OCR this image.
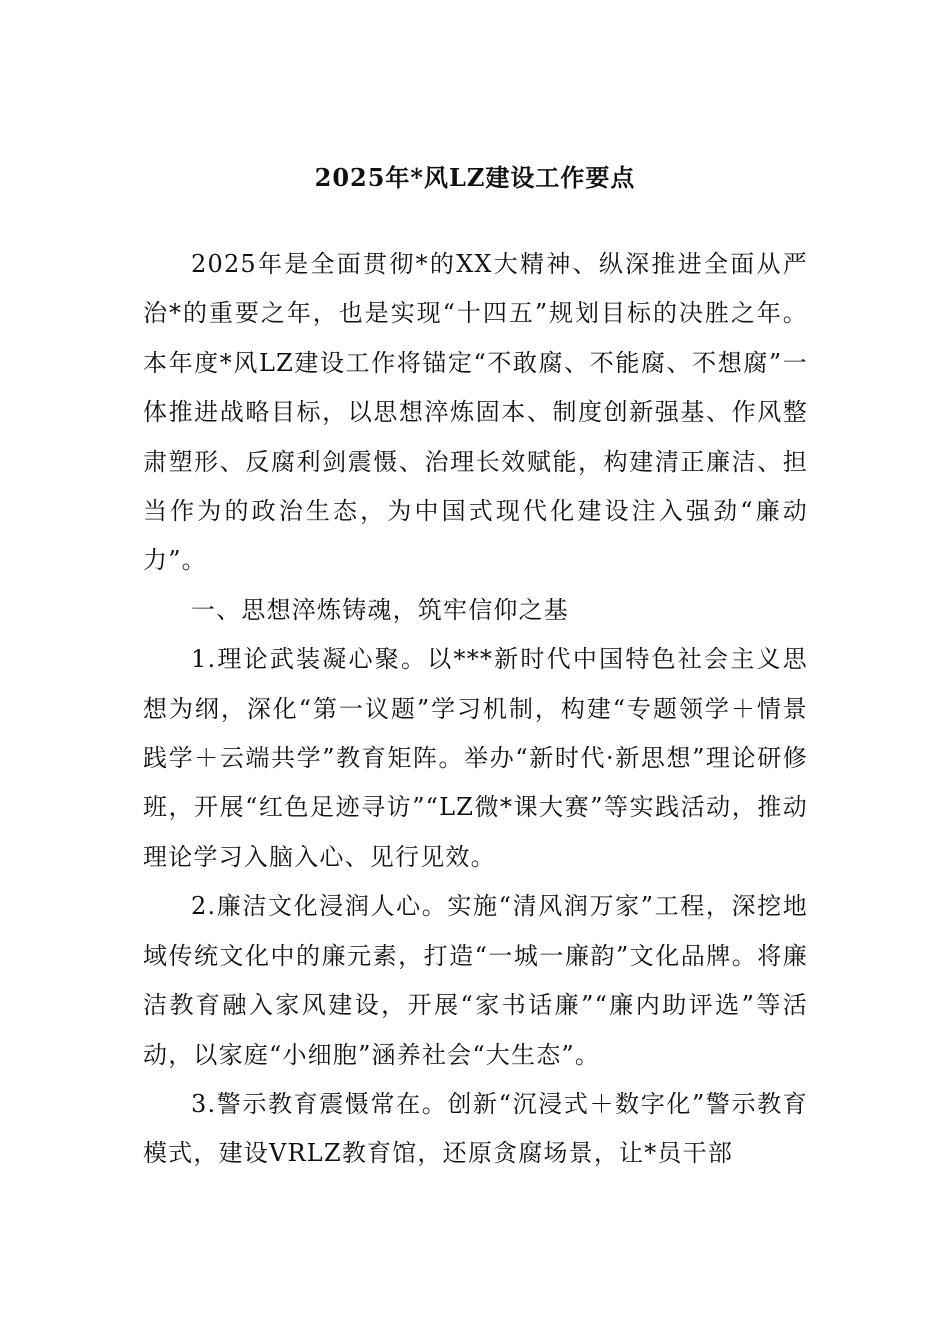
2025年*风LZ建设工作要点

2025年是全面贯彻*的XX大精神、纵深推进全面从严治*的重要之年，也是实现“十四五”规划目标的决胜之年。本年度*风LZ建设工作将锚定“不敢腐、不能腐、不想腐”一体推进战略目标，以思想淬炼固本、制度创新强基、作风整肃塑形、反腐利剑震慑、治理长效赋能，构建清正廉洁、担当作为的政治生态，为中国式现代化建设注入强劲“廉动力”。

一、思想淬炼铸魂，筑牢信仰之基

1.理论武装凝心聚。以***新时代中国特色社会主义思想为纲，深化“第一议题”学习机制，构建“专题领学＋情景践学＋云端共学”教育矩阵。举办“新时代·新思想”理论研修班，开展“红色足迹寻访”“LZ微*课大赛”等实践活动，推动理论学习入脑入心、见行见效。

2.廉洁文化浸润人心。实施“清风润万家”工程，深挖地域传统文化中的廉元素，打造“一城一廉韵”文化品牌。将廉洁教育融入家风建设，开展“家书话廉”“廉内助评选”等活动，以家庭“小细胞”涵养社会“大生态”。

3.警示教育震慑常在。创新“沉浸式＋数字化”警示教育模式，建设VRLZ教育馆，还原贪腐场景，让*员干部
